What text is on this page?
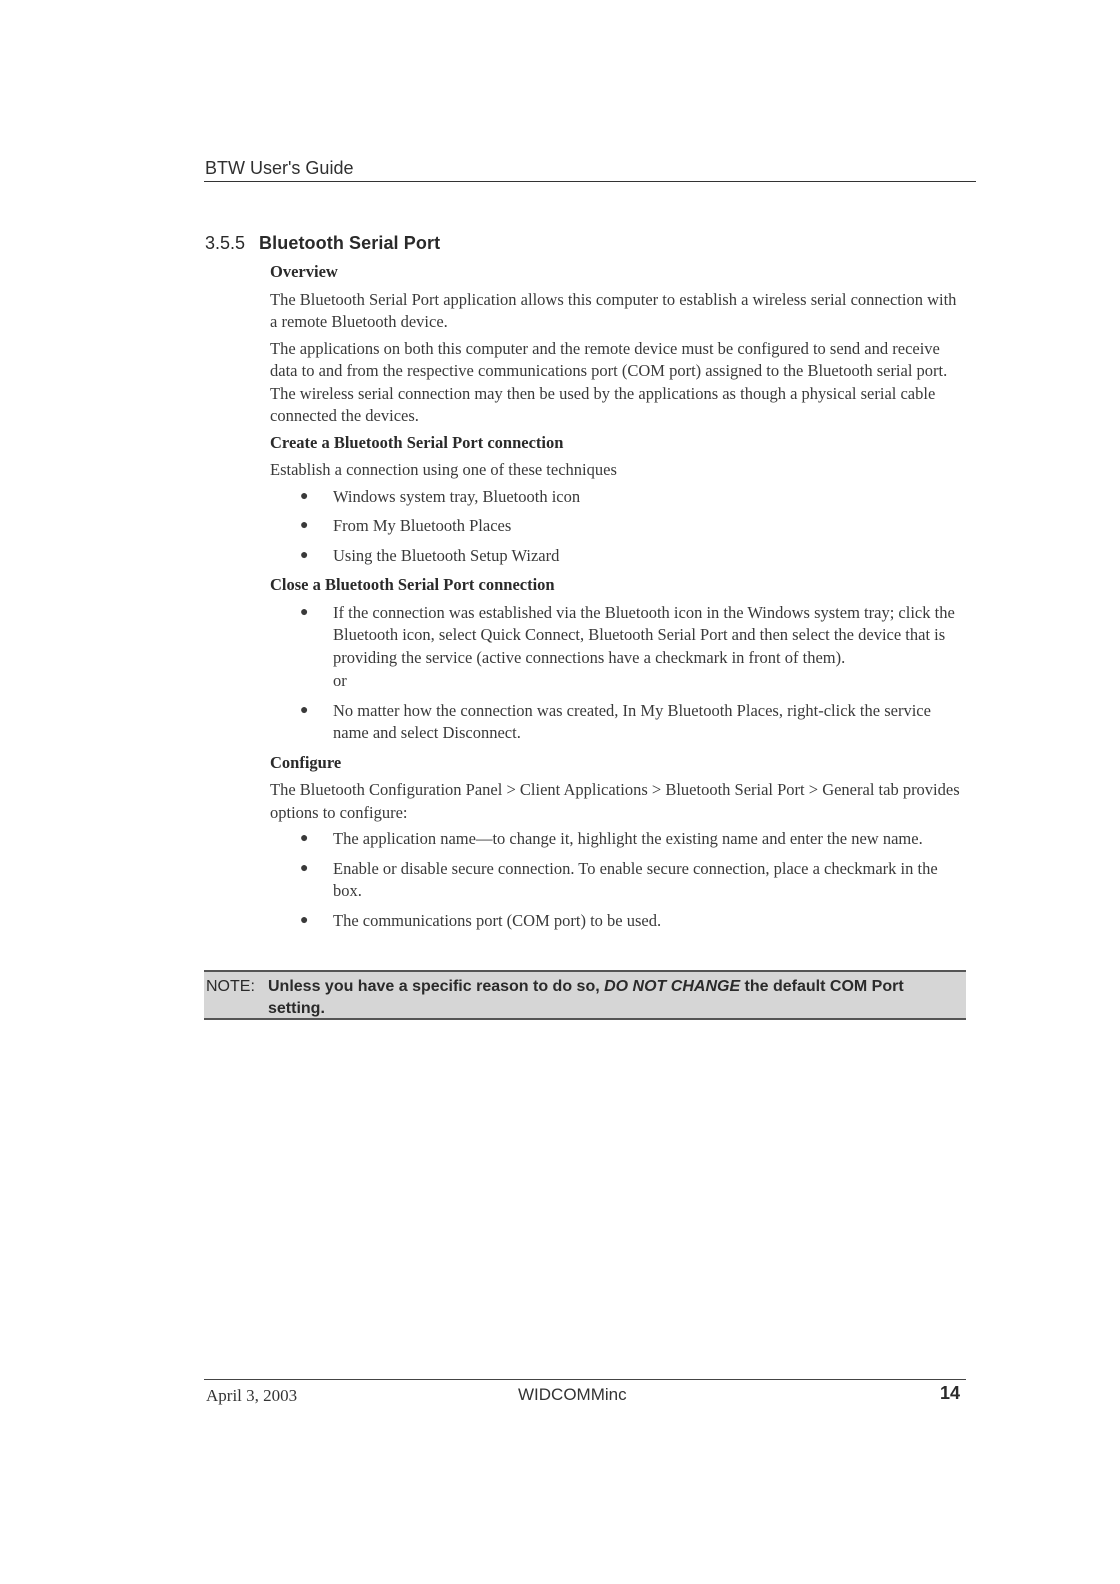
BTW User's Guide
3.5.5 Bluetooth Serial Port
Overview

The Bluetooth Serial Port application allows this computer to establish a wireless serial connection with a remote Bluetooth device.

The applications on both this computer and the remote device must be configured to send and receive data to and from the respective communications port (COM port) assigned to the Bluetooth serial port. The wireless serial connection may then be used by the applications as though a physical serial cable connected the devices.

Create a Bluetooth Serial Port connection

Establish a connection using one of these techniques

● Windows system tray, Bluetooth icon
● From My Bluetooth Places
● Using the Bluetooth Setup Wizard
Close a Bluetooth Serial Port connection
● If the connection was established via the Bluetooth icon in the Windows system tray; click the Bluetooth icon, select Quick Connect, Bluetooth Serial Port and then select the device that is providing the service (active connections have a checkmark in front of them).
or
● No matter how the connection was created, In My Bluetooth Places, right-click the service name and select Disconnect.
Configure

The Bluetooth Configuration Panel > Client Applications > Bluetooth Serial Port > General tab provides options to configure:

● The application name—to change it, highlight the existing name and enter the new name.
● Enable or disable secure connection. To enable secure connection, place a checkmark in the box.
● The communications port (COM port) to be used.
NOTE: Unless you have a specific reason to do so, DO NOT CHANGE the default COM Port setting.
April 3, 2003	WIDCOMMinc	14
